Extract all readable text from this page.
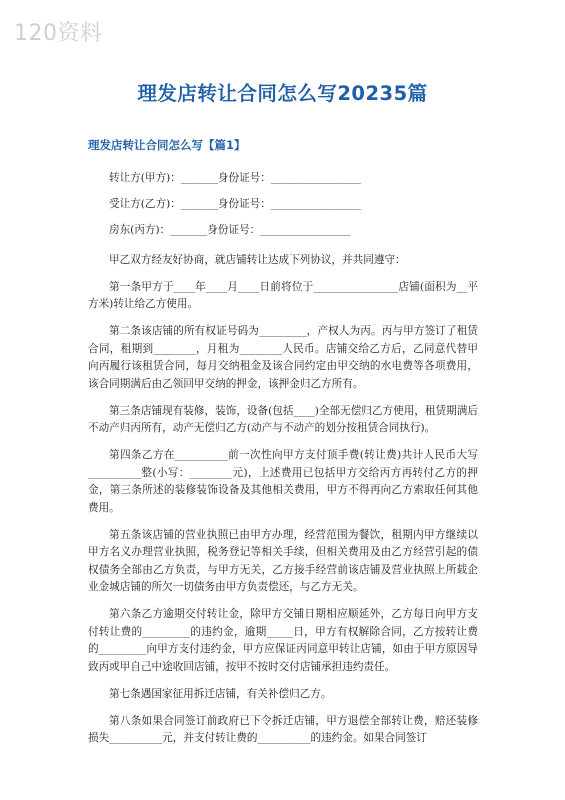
120资料
理发店转让合同怎么写20235篇
理发店转让合同怎么写【篇1】
转让方(甲方)：_______身份证号：_________________
受让方(乙方)：_______身份证号：_________________
房东(丙方)：_______身份证号：_________________

甲乙双方经友好协商，就店铺转让达成下列协议，并共同遵守：

第一条甲方于____年____月____日前将位于________________店铺(面积为__平方米)转让给乙方使用。

第二条该店铺的所有权证号码为_________，产权人为丙。丙与甲方签订了租赁合同，租期到________，月租为________人民币。店铺交给乙方后，乙同意代替甲向丙履行该租赁合同，每月交纳租金及该合同约定由甲交纳的水电费等各项费用，该合同期满后由乙领回甲交纳的押金，该押金归乙方所有。

第三条店铺现有装修，装饰，设备(包括____)全部无偿归乙方使用，租赁期满后不动产归丙所有，动产无偿归乙方(动产与不动产的划分按租赁合同执行)。

第四条乙方在__________前一次性向甲方支付顶手费(转让费)共计人民币大写__________整(小写：________元)，上述费用已包括甲方交给丙方再转付乙方的押金，第三条所述的装修装饰设备及其他相关费用，甲方不得再向乙方索取任何其他费用。

第五条该店铺的营业执照已由甲方办理，经营范围为餐饮，租期内甲方继续以甲方名义办理营业执照，税务登记等相关手续，但相关费用及由乙方经营引起的债权债务全部由乙方负责，与甲方无关，乙方接手经营前该店铺及营业执照上所载企业金城店铺的所欠一切债务由甲方负责偿还，与乙方无关。

第六条乙方逾期交付转让金，除甲方交铺日期相应顺延外，乙方每日向甲方支付转让费的_________的违约金，逾期_____日，甲方有权解除合同，乙方按转让费的_________向甲方支付违约金，甲方应保证丙同意甲转让店铺，如由于甲方原因导致丙或甲自己中途收回店铺，按甲不按时交付店铺承担违约责任。

第七条遇国家征用拆迁店铺，有关补偿归乙方。

第八条如果合同签订前政府已下令拆迁店铺，甲方退偿全部转让费，赔还装修损失__________元，并支付转让费的__________的违约金。如果合同签订
